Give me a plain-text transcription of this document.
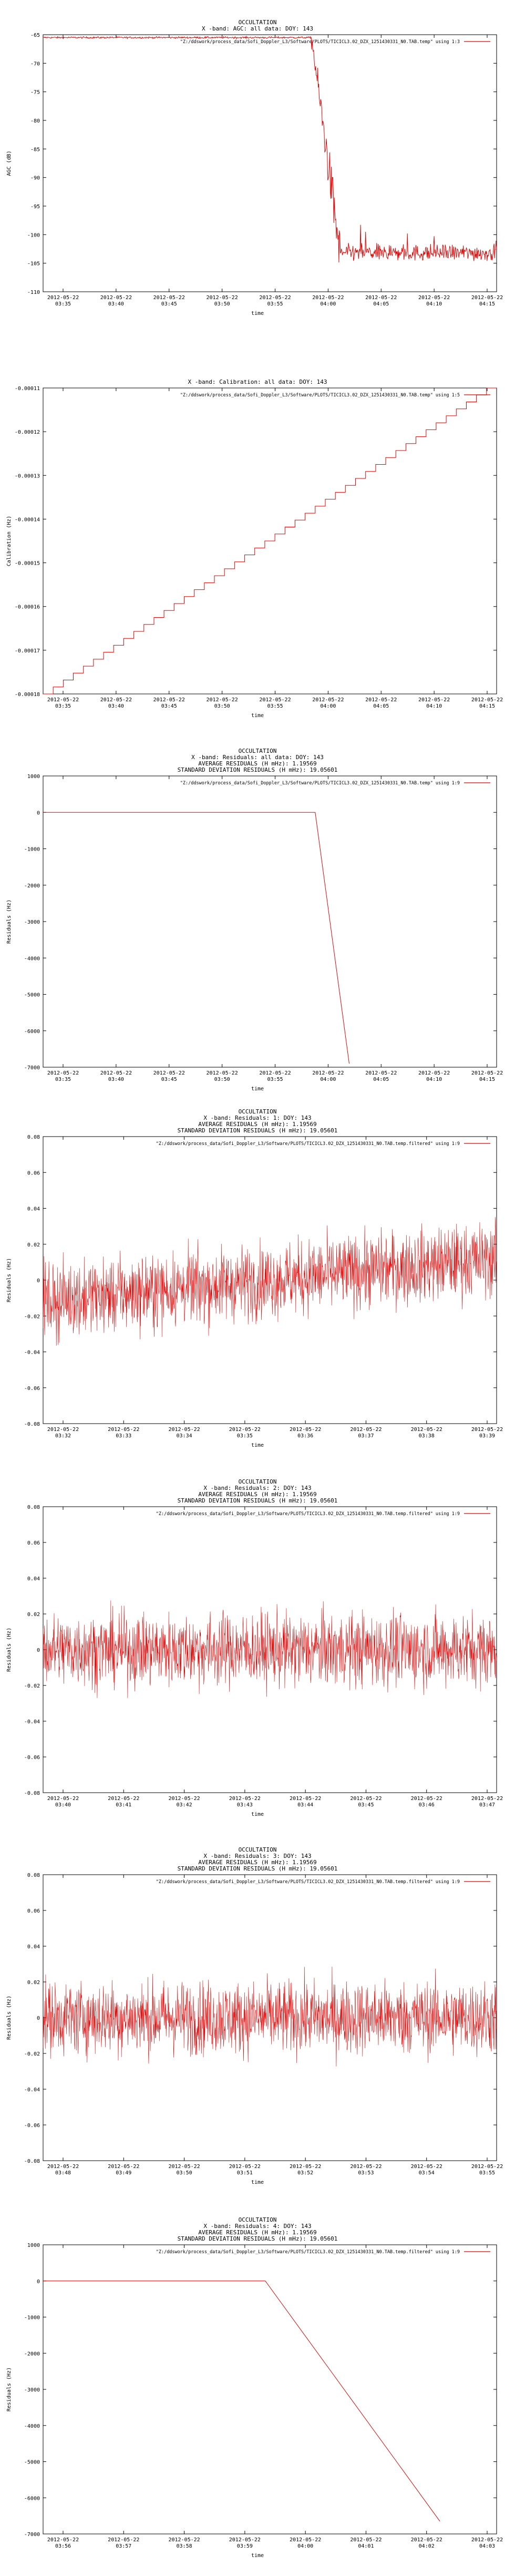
OCCULTATION
X -band: AGC: all data: DOY: 143
-65
-70
-75
-80
-85
-90
-95
-100
-105
-110
2012-05-22
03:35
2012-05-22
03:40
2012-05-22
03:45
2012-05-22
03:50
2012-05-22
03:55
2012-05-22
04:00
2012-05-22
04:05
2012-05-22
04:10
2012-05-22
04:15
time
AGC (dB)
"Z:/ddswork/process_data/Sofi_Doppler_L3/Software/PLOTS/TICICL3.02_DZX_1251430331_N0.TAB.temp" using 1:3
X -band: Calibration: all data: DOY: 143
-0.00011
-0.00012
-0.00013
-0.00014
-0.00015
-0.00016
-0.00017
-0.00018
2012-05-22
03:35
2012-05-22
03:40
2012-05-22
03:45
2012-05-22
03:50
2012-05-22
03:55
2012-05-22
04:00
2012-05-22
04:05
2012-05-22
04:10
2012-05-22
04:15
time
Calibration (Hz)
"Z:/ddswork/process_data/Sofi_Doppler_L3/Software/PLOTS/TICICL3.02_DZX_1251430331_N0.TAB.temp" using 1:5
OCCULTATION
X -band: Residuals: all data: DOY: 143
AVERAGE RESIDUALS (H mHz): 1.19569
STANDARD DEVIATION RESIDUALS (H mHz): 19.05601
1000
0
-1000
-2000
-3000
-4000
-5000
-6000
-7000
2012-05-22
03:35
2012-05-22
03:40
2012-05-22
03:45
2012-05-22
03:50
2012-05-22
03:55
2012-05-22
04:00
2012-05-22
04:05
2012-05-22
04:10
2012-05-22
04:15
time
Residuals (Hz)
"Z:/ddswork/process_data/Sofi_Doppler_L3/Software/PLOTS/TICICL3.02_DZX_1251430331_N0.TAB.temp" using 1:9
OCCULTATION
X -band: Residuals: 1: DOY: 143
AVERAGE RESIDUALS (H mHz): 1.19569
STANDARD DEVIATION RESIDUALS (H mHz): 19.05601
0.08
0.06
0.04
0.02
0
-0.02
-0.04
-0.06
-0.08
2012-05-22
03:32
2012-05-22
03:33
2012-05-22
03:34
2012-05-22
03:35
2012-05-22
03:36
2012-05-22
03:37
2012-05-22
03:38
2012-05-22
03:39
time
Residuals (Hz)
"Z:/ddswork/process_data/Sofi_Doppler_L3/Software/PLOTS/TICICL3.02_DZX_1251430331_N0.TAB.temp.filtered" using 1:9
OCCULTATION
X -band: Residuals: 2: DOY: 143
AVERAGE RESIDUALS (H mHz): 1.19569
STANDARD DEVIATION RESIDUALS (H mHz): 19.05601
0.08
0.06
0.04
0.02
0
-0.02
-0.04
-0.06
-0.08
2012-05-22
03:40
2012-05-22
03:41
2012-05-22
03:42
2012-05-22
03:43
2012-05-22
03:44
2012-05-22
03:45
2012-05-22
03:46
2012-05-22
03:47
time
Residuals (Hz)
"Z:/ddswork/process_data/Sofi_Doppler_L3/Software/PLOTS/TICICL3.02_DZX_1251430331_N0.TAB.temp.filtered" using 1:9
OCCULTATION
X -band: Residuals: 3: DOY: 143
AVERAGE RESIDUALS (H mHz): 1.19569
STANDARD DEVIATION RESIDUALS (H mHz): 19.05601
0.08
0.06
0.04
0.02
0
-0.02
-0.04
-0.06
-0.08
2012-05-22
03:48
2012-05-22
03:49
2012-05-22
03:50
2012-05-22
03:51
2012-05-22
03:52
2012-05-22
03:53
2012-05-22
03:54
2012-05-22
03:55
time
Residuals (Hz)
"Z:/ddswork/process_data/Sofi_Doppler_L3/Software/PLOTS/TICICL3.02_DZX_1251430331_N0.TAB.temp.filtered" using 1:9
OCCULTATION
X -band: Residuals: 4: DOY: 143
AVERAGE RESIDUALS (H mHz): 1.19569
STANDARD DEVIATION RESIDUALS (H mHz): 19.05601
1000
0
-1000
-2000
-3000
-4000
-5000
-6000
-7000
2012-05-22
03:56
2012-05-22
03:57
2012-05-22
03:58
2012-05-22
03:59
2012-05-22
04:00
2012-05-22
04:01
2012-05-22
04:02
2012-05-22
04:03
time
Residuals (Hz)
"Z:/ddswork/process_data/Sofi_Doppler_L3/Software/PLOTS/TICICL3.02_DZX_1251430331_N0.TAB.temp.filtered" using 1:9
